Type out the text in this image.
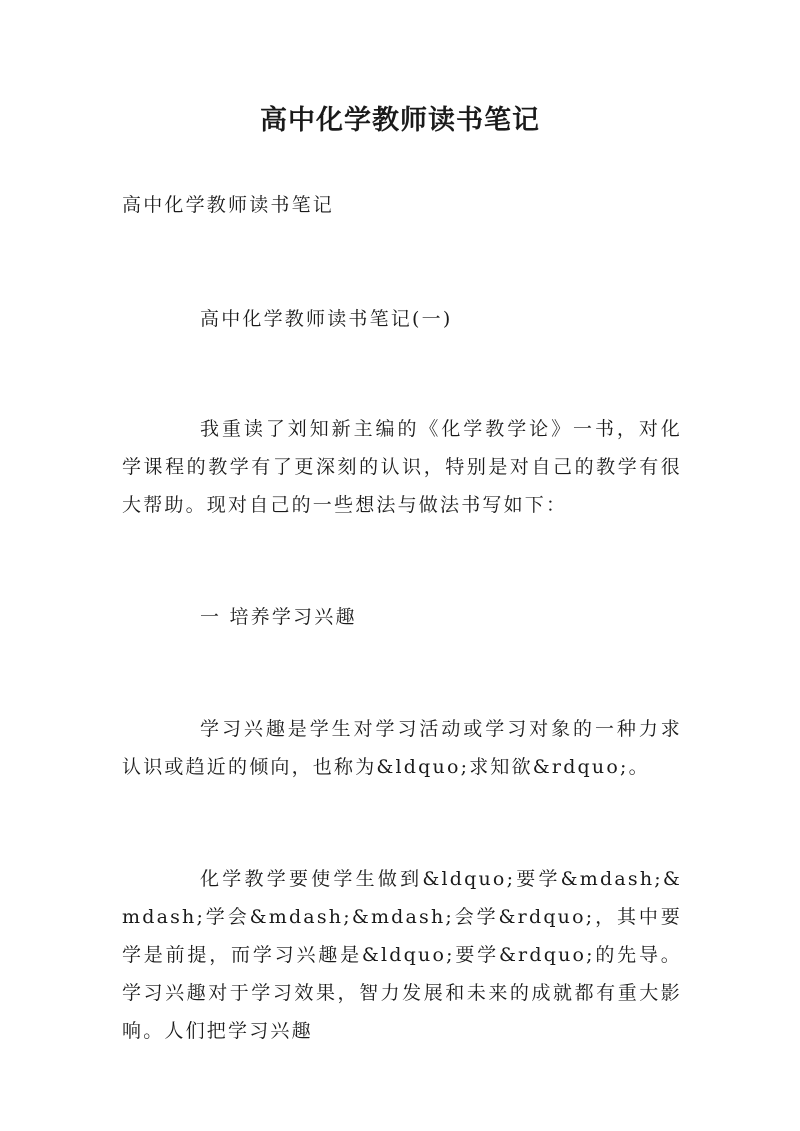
高中化学教师读书笔记

高中化学教师读书笔记

高中化学教师读书笔记(一)

我重读了刘知新主编的《化学教学论》一书，对化学课程的教学有了更深刻的认识，特别是对自己的教学有很大帮助。现对自己的一些想法与做法书写如下：

一 培养学习兴趣

学习兴趣是学生对学习活动或学习对象的一种力求认识或趋近的倾向，也称为&ldquo;求知欲&rdquo;。

化学教学要使学生做到&ldquo;要学&mdash;&mdash;学会&mdash;&mdash;会学&rdquo;，其中要学是前提，而学习兴趣是&ldquo;要学&rdquo;的先导。学习兴趣对于学习效果，智力发展和未来的成就都有重大影响。人们把学习兴趣
